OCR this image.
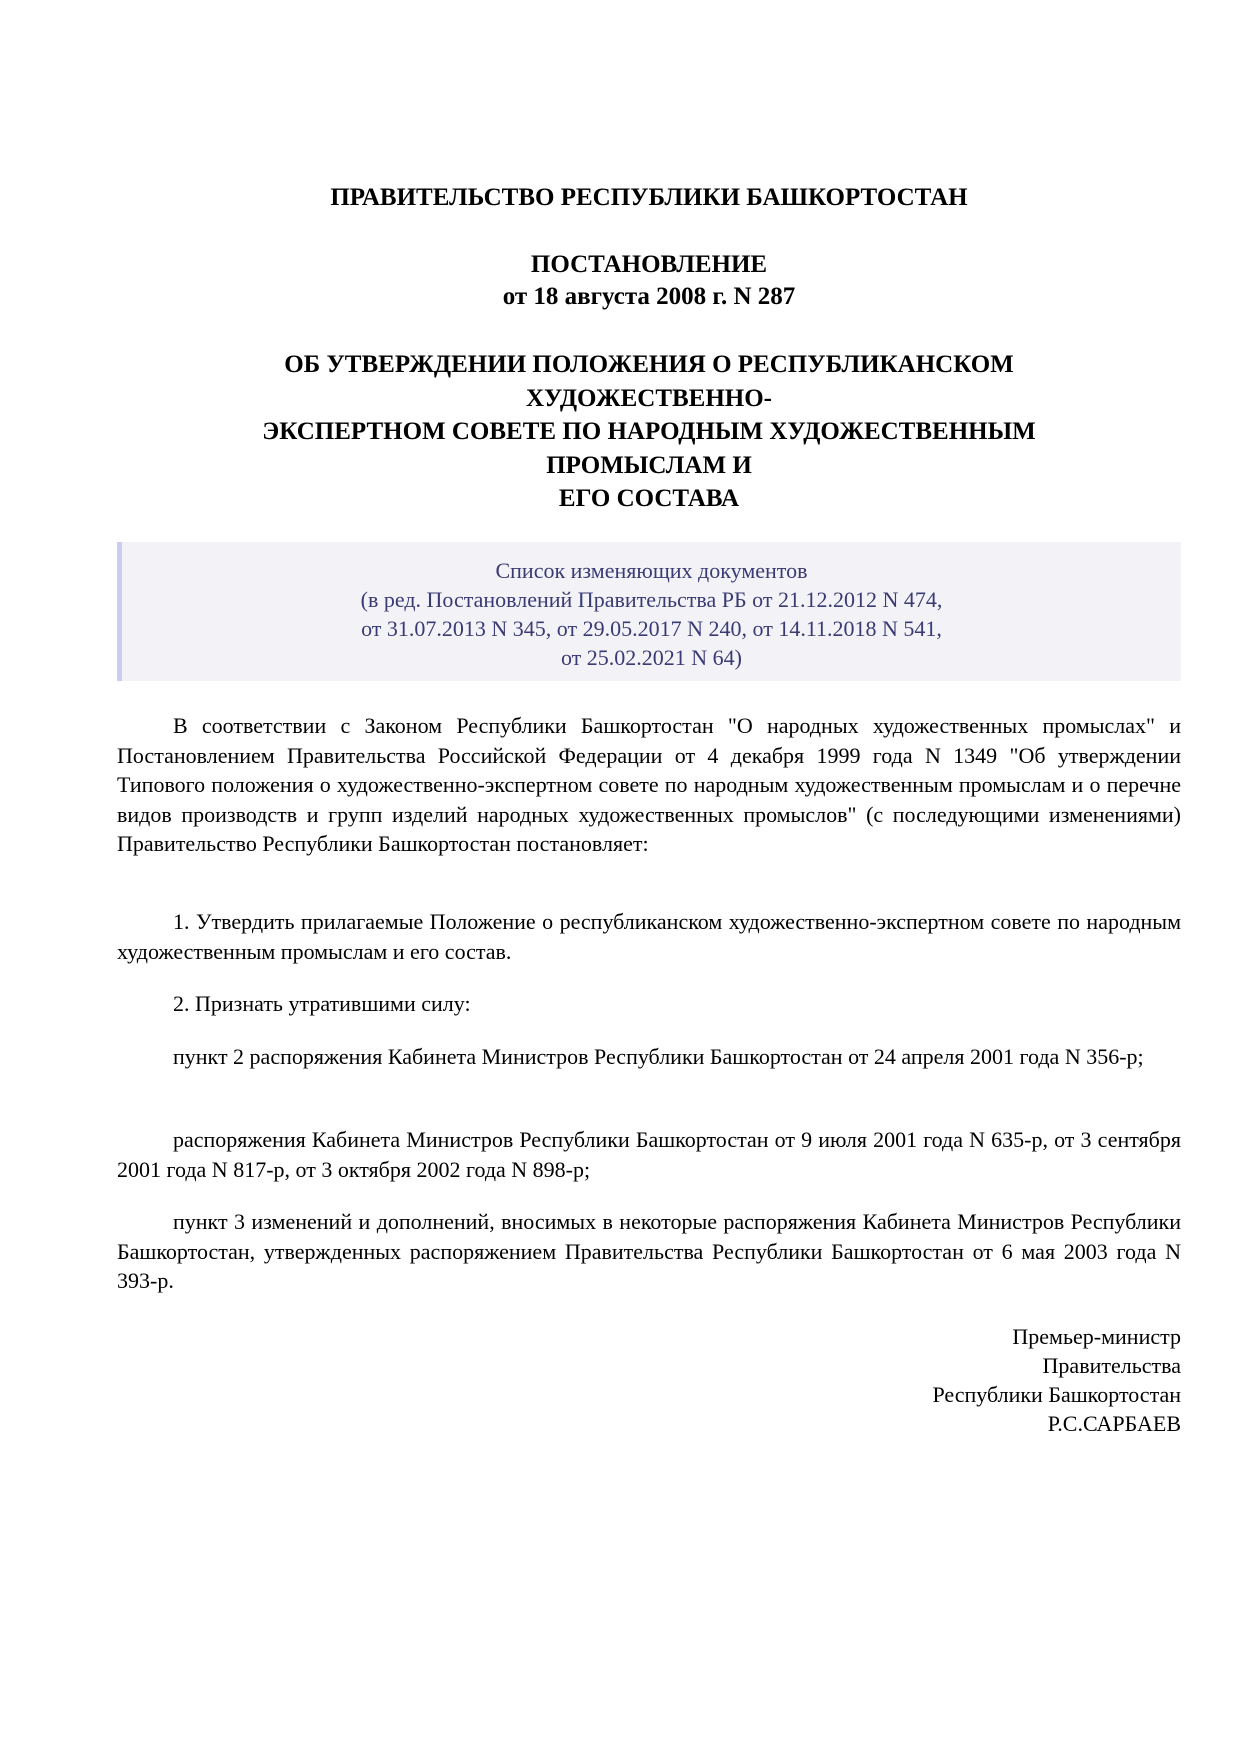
ПРАВИТЕЛЬСТВО РЕСПУБЛИКИ БАШКОРТОСТАН
ПОСТАНОВЛЕНИЕ
от 18 августа 2008 г. N 287
ОБ УТВЕРЖДЕНИИ ПОЛОЖЕНИЯ О РЕСПУБЛИКАНСКОМ
ХУДОЖЕСТВЕННО-
ЭКСПЕРТНОМ СОВЕТЕ ПО НАРОДНЫМ ХУДОЖЕСТВЕННЫМ
ПРОМЫСЛАМ И
ЕГО СОСТАВА
Список изменяющих документов
(в ред. Постановлений Правительства РБ от 21.12.2012 N 474,
от 31.07.2013 N 345, от 29.05.2017 N 240, от 14.11.2018 N 541,
от 25.02.2021 N 64)
В соответствии с Законом Республики Башкортостан "О народных художественных промыслах" и Постановлением Правительства Российской Федерации от 4 декабря 1999 года N 1349 "Об утверждении Типового положения о художественно-экспертном совете по народным художественным промыслам и о перечне видов производств и групп изделий народных художественных промыслов" (с последующими изменениями) Правительство Республики Башкортостан постановляет:
1. Утвердить прилагаемые Положение о республиканском художественно-экспертном совете по народным художественным промыслам и его состав.
2. Признать утратившими силу:
пункт 2 распоряжения Кабинета Министров Республики Башкортостан от 24 апреля 2001 года N 356-р;
распоряжения Кабинета Министров Республики Башкортостан от 9 июля 2001 года N 635-р, от 3 сентября 2001 года N 817-р, от 3 октября 2002 года N 898-р;
пункт 3 изменений и дополнений, вносимых в некоторые распоряжения Кабинета Министров Республики Башкортостан, утвержденных распоряжением Правительства Республики Башкортостан от 6 мая 2003 года N 393-р.
Премьер-министр
Правительства
Республики Башкортостан
Р.С.САРБАЕВ
